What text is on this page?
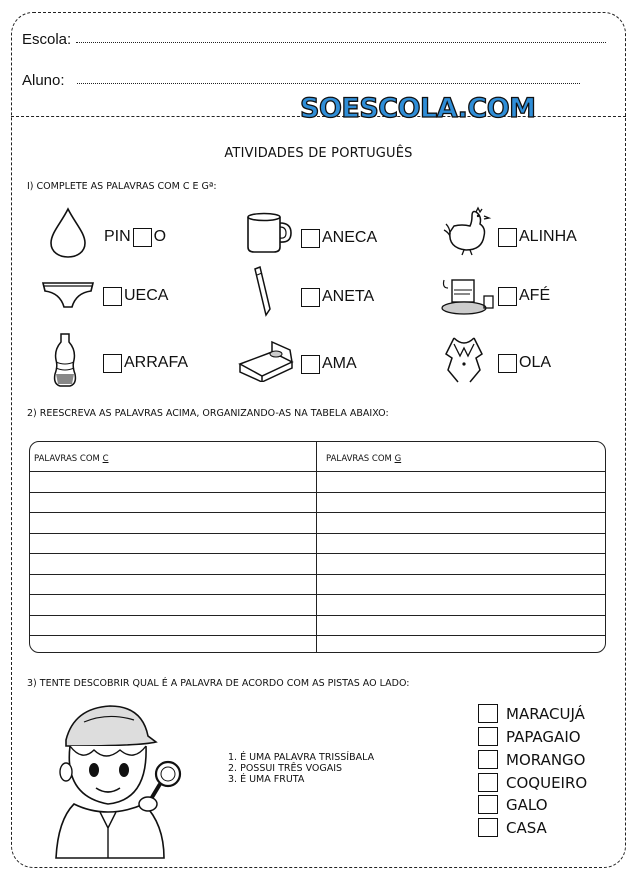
Escola:
Aluno:
SOESCOLA.COM
ATIVIDADES DE PORTUGUÊS
I) COMPLETE AS PALAVRAS COM C E Gª:
PIN O	ANECA	ALINHA
UECA	ANETA	AFÉ
ARRAFA	AMA	OLA
2) REESCREVA AS PALAVRAS ACIMA, ORGANIZANDO-AS NA TABELA ABAIXO:
PALAVRAS COM C	PALAVRAS COM G
3) TENTE DESCOBRIR QUAL É A PALAVRA DE ACORDO COM AS PISTAS AO LADO:
1. É UMA PALAVRA TRISSÍBALA
2. POSSUI TRÊS VOGAIS
3. É UMA FRUTA
MARACUJÁ
PAPAGAIO
MORANGO
COQUEIRO
GALO
CASA
